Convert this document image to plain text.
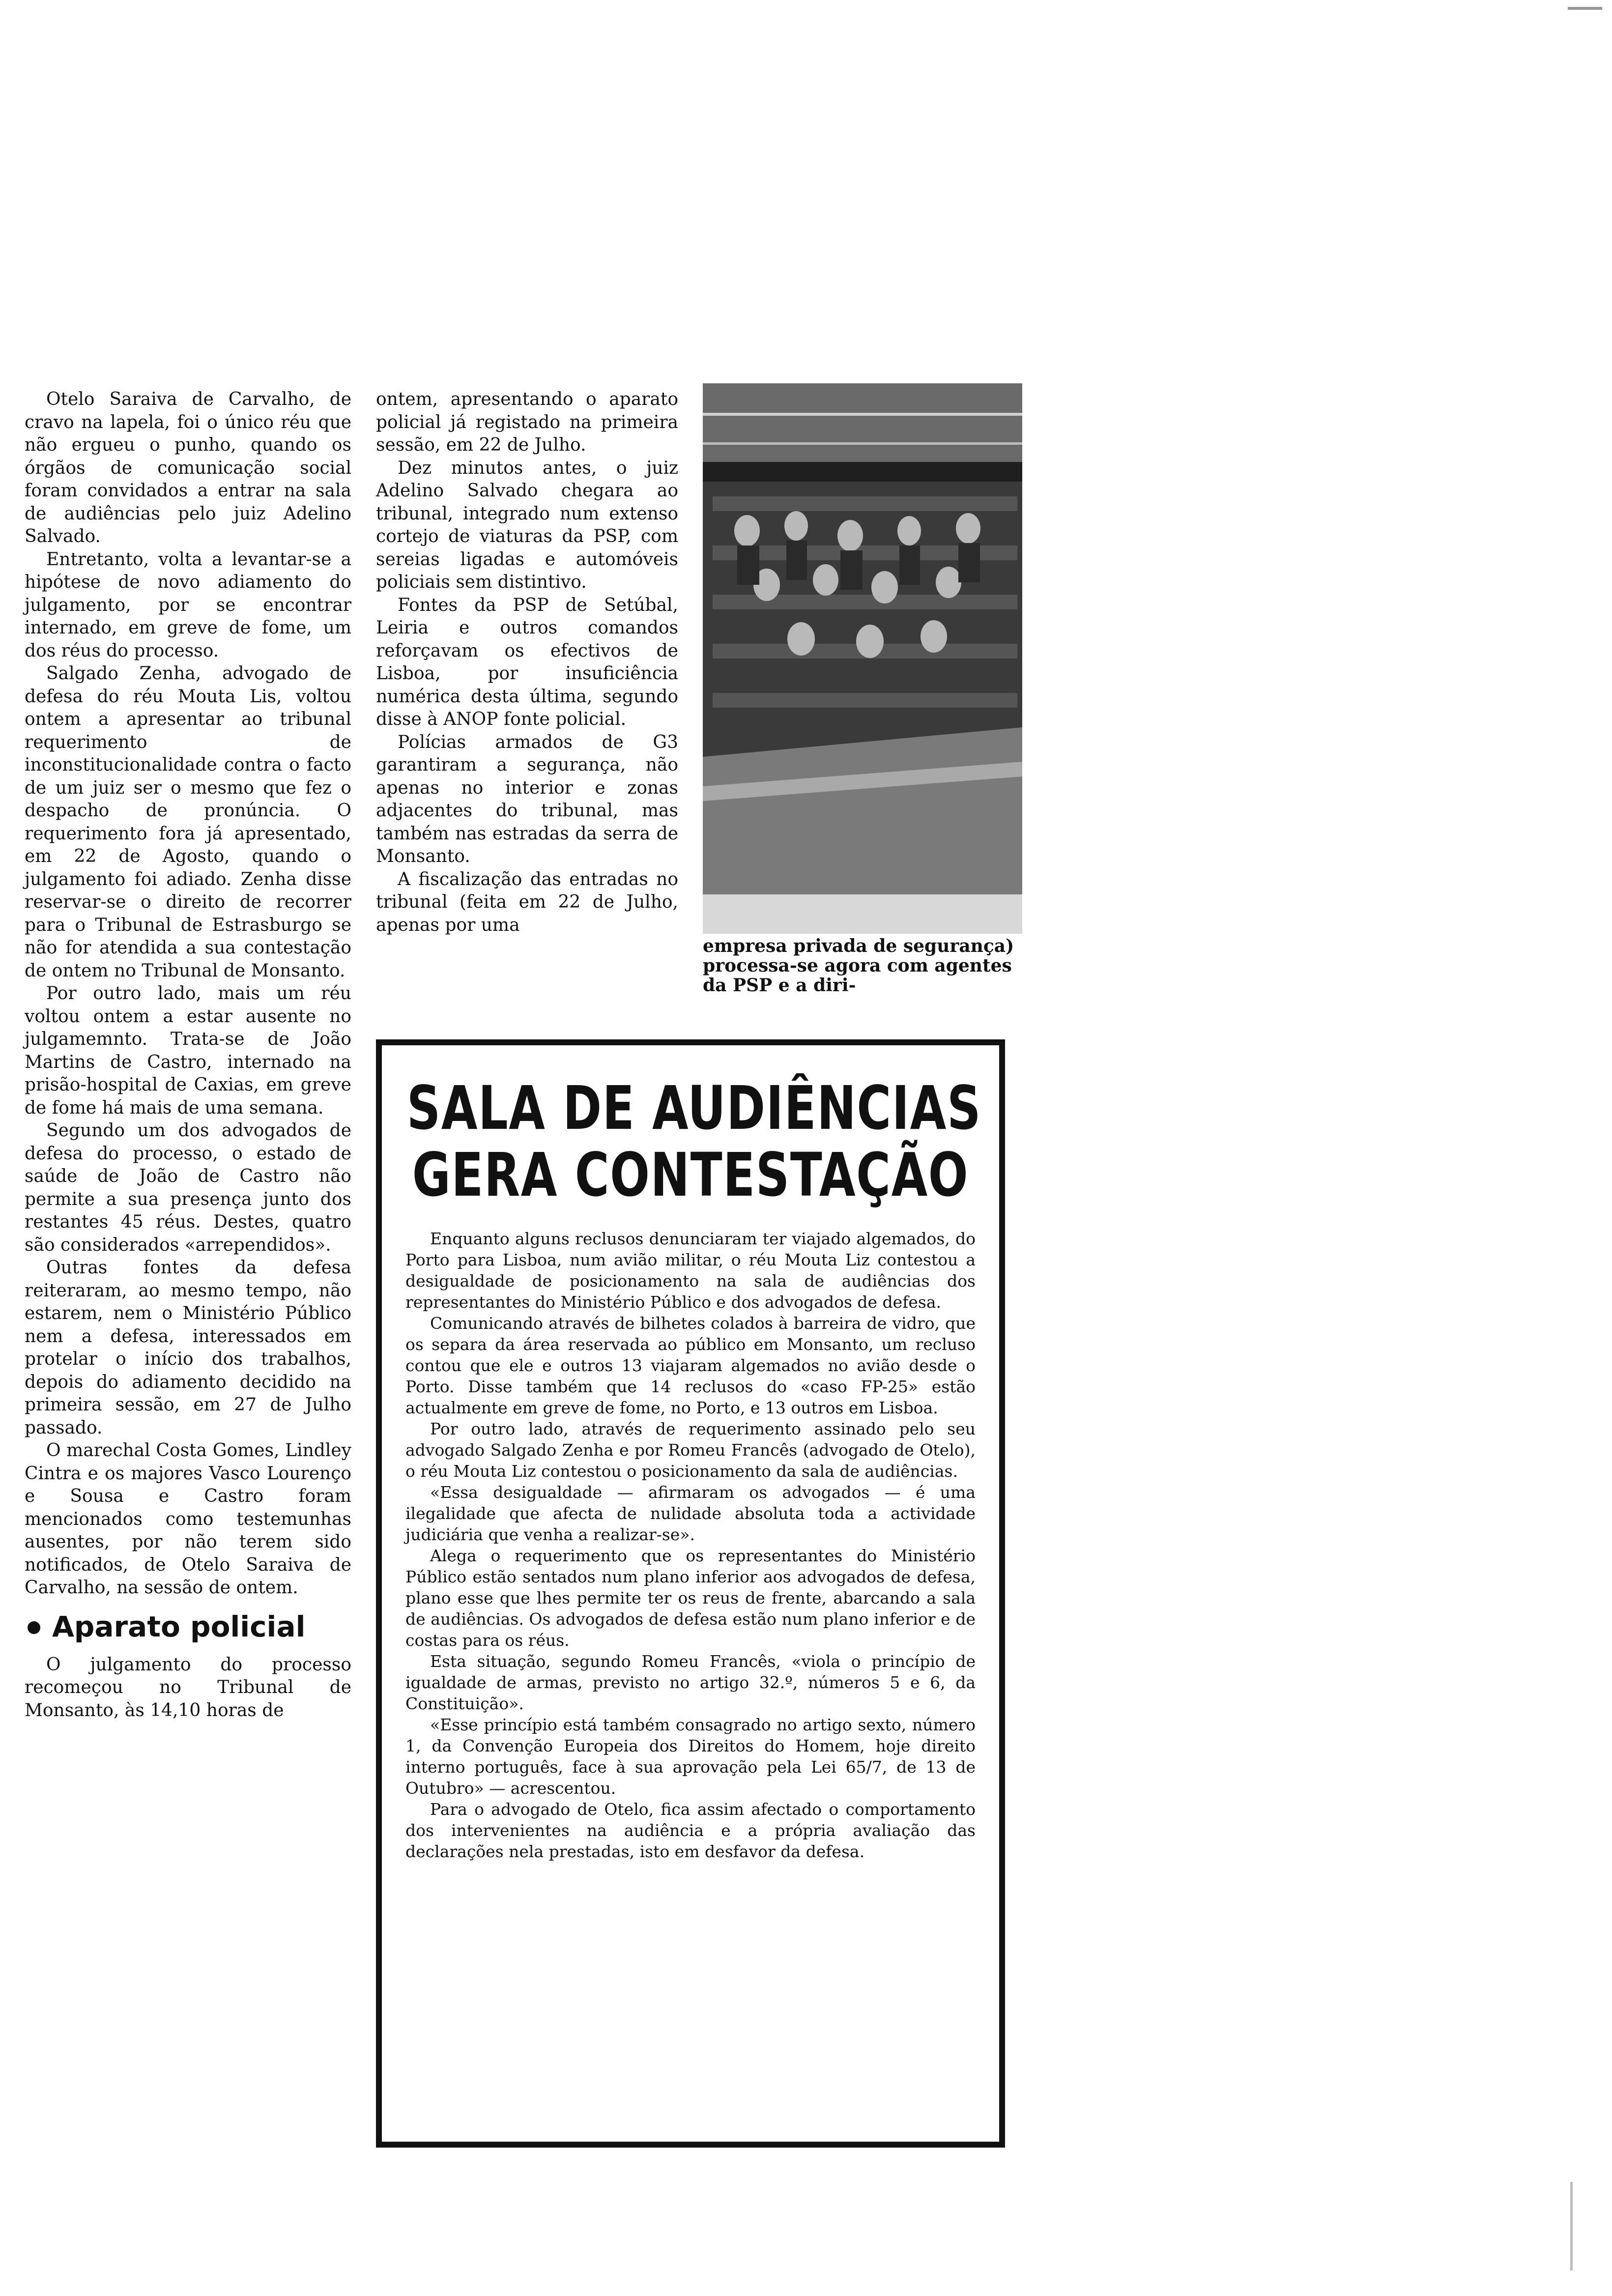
Otelo Saraiva de Carvalho, de cravo na lapela, foi o único réu que não ergueu o punho, quando os órgãos de comunicação social foram convidados a entrar na sala de audiências pelo juiz Adelino Salvado.

Entretanto, volta a levantar-se a hipótese de novo adiamento do julgamento, por se encontrar internado, em greve de fome, um dos réus do processo.

Salgado Zenha, advogado de defesa do réu Mouta Lis, voltou ontem a apresentar ao tribunal requerimento de inconstitucionalidade contra o facto de um juiz ser o mesmo que fez o despacho de pronúncia. O requerimento fora já apresentado, em 22 de Agosto, quando o julgamento foi adiado. Zenha disse reservar-se o direito de recorrer para o Tribunal de Estrasburgo se não for atendida a sua contestação de ontem no Tribunal de Monsanto.

Por outro lado, mais um réu voltou ontem a estar ausente no julgamemnto. Trata-se de João Martins de Castro, internado na prisão-hospital de Caxias, em greve de fome há mais de uma semana.

Segundo um dos advogados de defesa do processo, o estado de saúde de João de Castro não permite a sua presença junto dos restantes 45 réus. Destes, quatro são considerados «arrependidos».

Outras fontes da defesa reiteraram, ao mesmo tempo, não estarem, nem o Ministério Público nem a defesa, interessados em protelar o início dos trabalhos, depois do adiamento decidido na primeira sessão, em 27 de Julho passado.

O marechal Costa Gomes, Lindley Cintra e os majores Vasco Lourenço e Sousa e Castro foram mencionados como testemunhas ausentes, por não terem sido notificados, de Otelo Saraiva de Carvalho, na sessão de ontem.

Aparato policial

O julgamento do processo recomeçou no Tribunal de Monsanto, às 14,10 horas de

ontem, apresentando o aparato policial já registado na primeira sessão, em 22 de Julho.

Dez minutos antes, o juiz Adelino Salvado chegara ao tribunal, integrado num extenso cortejo de viaturas da PSP, com sereias ligadas e automóveis policiais sem distintivo.

Fontes da PSP de Setúbal, Leiria e outros comandos reforçavam os efectivos de Lisboa, por insuficiência numérica desta última, segundo disse à ANOP fonte policial.

Polícias armados de G3 garantiram a segurança, não apenas no interior e zonas adjacentes do tribunal, mas também nas estradas da serra de Monsanto.

A fiscalização das entradas no tribunal (feita em 22 de Julho, apenas por uma

empresa privada de segurança) processa-se agora com agentes da PSP e a diri-
SALA DE AUDIÊNCIAS
GERA CONTESTAÇÃO

Enquanto alguns reclusos denunciaram ter viajado algemados, do Porto para Lisboa, num avião militar, o réu Mouta Liz contestou a desigualdade de posicionamento na sala de audiências dos representantes do Ministério Público e dos advogados de defesa.

Comunicando através de bilhetes colados à barreira de vidro, que os separa da área reservada ao público em Monsanto, um recluso contou que ele e outros 13 viajaram algemados no avião desde o Porto. Disse também que 14 reclusos do «caso FP-25» estão actualmente em greve de fome, no Porto, e 13 outros em Lisboa.

Por outro lado, através de requerimento assinado pelo seu advogado Salgado Zenha e por Romeu Francês (advogado de Otelo), o réu Mouta Liz contestou o posicionamento da sala de audiências.

«Essa desigualdade — afirmaram os advogados — é uma ilegalidade que afecta de nulidade absoluta toda a actividade judiciária que venha a realizar-se».

Alega o requerimento que os representantes do Ministério Público estão sentados num plano inferior aos advogados de defesa, plano esse que lhes permite ter os reus de frente, abarcando a sala de audiências. Os advogados de defesa estão num plano inferior e de costas para os réus.

Esta situação, segundo Romeu Francês, «viola o princípio de igualdade de armas, previsto no artigo 32.º, números 5 e 6, da Constituição».

«Esse princípio está também consagrado no artigo sexto, número 1, da Convenção Europeia dos Direitos do Homem, hoje direito interno português, face à sua aprovação pela Lei 65/7, de 13 de Outubro» — acrescentou.

Para o advogado de Otelo, fica assim afectado o comportamento dos intervenientes na audiência e a própria avaliação das declarações nela prestadas, isto em desfavor da defesa.
